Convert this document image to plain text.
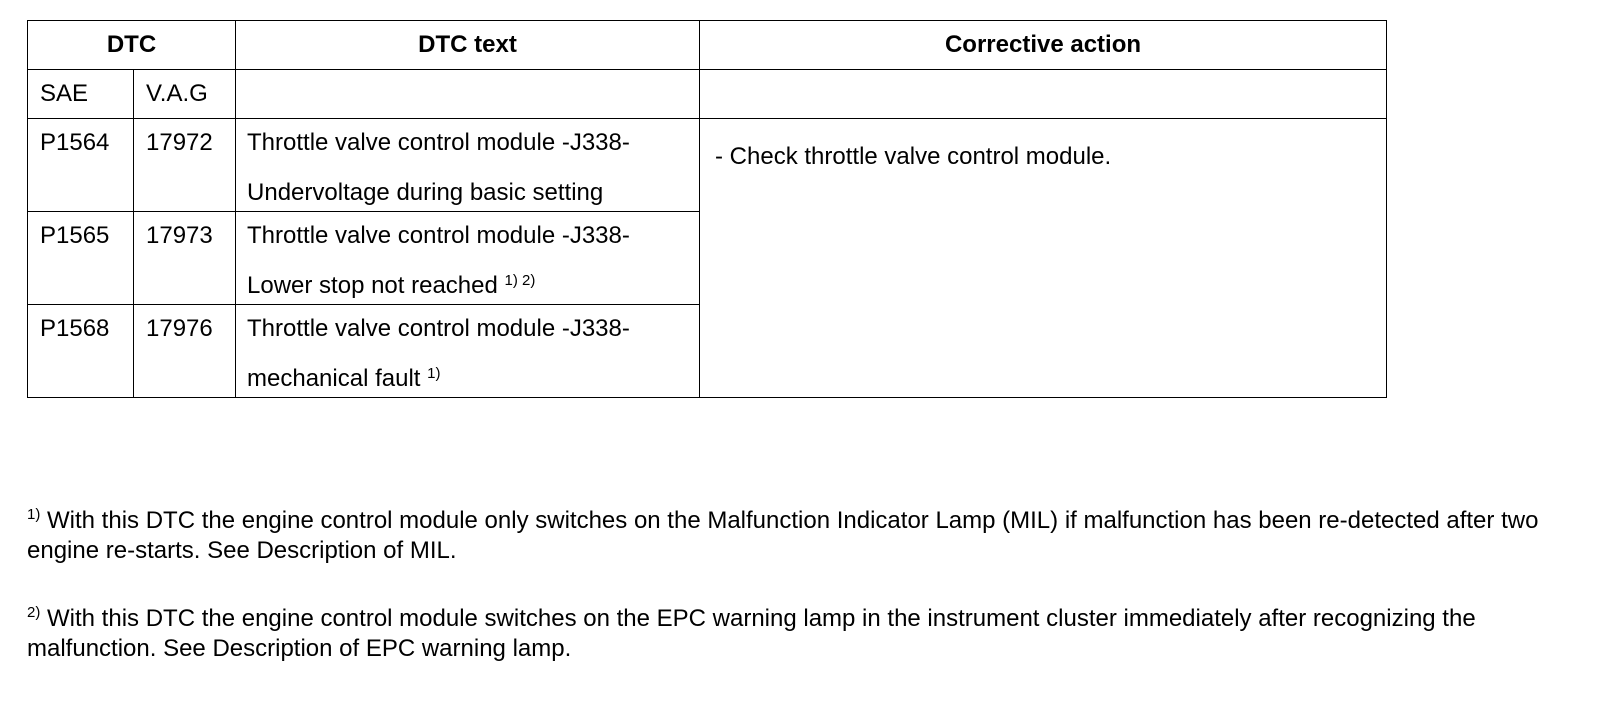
DTC		DTC text	Corrective action
SAE	V.A.G		
P1564	17972	Throttle valve control module -J338-
Undervoltage during basic setting	- Check throttle valve control module.
P1565	17973	Throttle valve control module -J338-
Lower stop not reached $^{1) 2)}$

P1568	17976	Throttle valve control module -J338-
mechanical fault $^{1)}$

$^{1)}$ With this DTC the engine control module only switches on the Malfunction Indicator Lamp (MIL) if malfunction has been re-detected after two engine re-starts. See Description of MIL.

$^{2)}$ With this DTC the engine control module switches on the EPC warning lamp in the instrument cluster immediately after recognizing the malfunction. See Description of EPC warning lamp.
